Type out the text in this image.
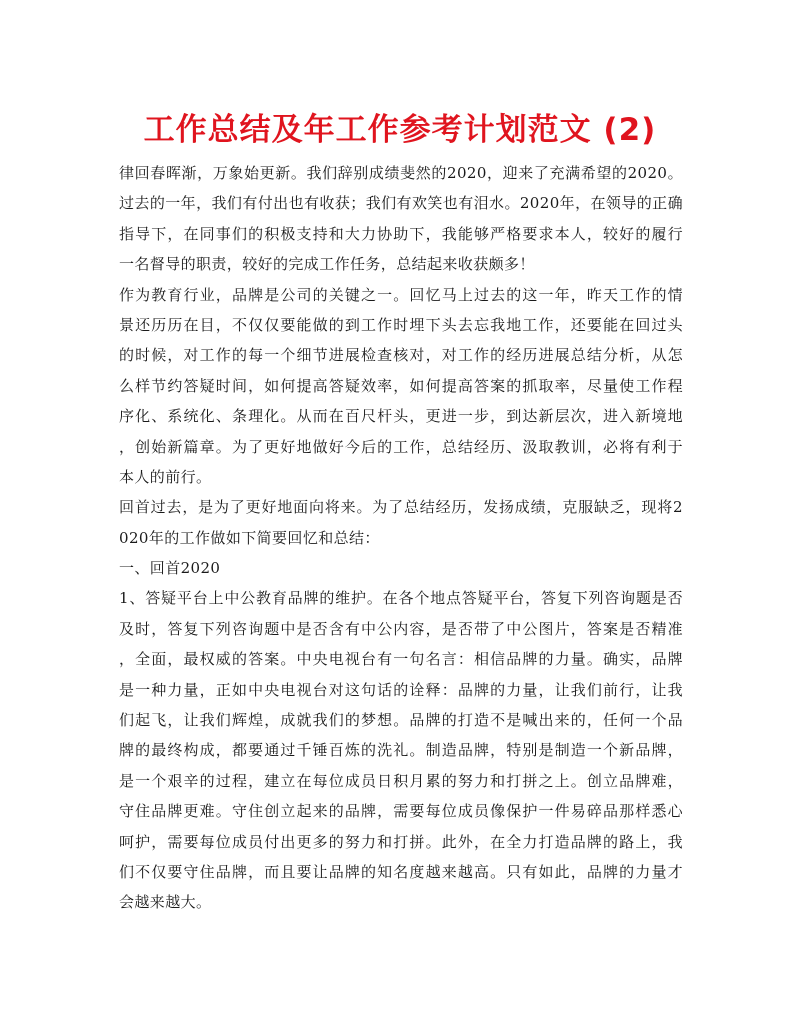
工作总结及年工作参考计划范文 (2)
律回春晖渐，万象始更新。我们辞别成绩斐然的2020，迎来了充满希望的2020。
过去的一年，我们有付出也有收获；我们有欢笑也有泪水。2020年，在领导的正确
指导下，在同事们的积极支持和大力协助下，我能够严格要求本人，较好的履行
一名督导的职责，较好的完成工作任务，总结起来收获颇多！
作为教育行业，品牌是公司的关键之一。回忆马上过去的这一年，昨天工作的情
景还历历在目，不仅仅要能做的到工作时埋下头去忘我地工作，还要能在回过头
的时候，对工作的每一个细节进展检查核对，对工作的经历进展总结分析，从怎
么样节约答疑时间，如何提高答疑效率，如何提高答案的抓取率，尽量使工作程
序化、系统化、条理化。从而在百尺杆头，更进一步，到达新层次，进入新境地
，创始新篇章。为了更好地做好今后的工作，总结经历、汲取教训，必将有利于
本人的前行。
回首过去，是为了更好地面向将来。为了总结经历，发扬成绩，克服缺乏，现将2
020年的工作做如下简要回忆和总结：
一、回首2020
1、答疑平台上中公教育品牌的维护。在各个地点答疑平台，答复下列咨询题是否
及时，答复下列咨询题中是否含有中公内容，是否带了中公图片，答案是否精准
，全面，最权威的答案。中央电视台有一句名言：相信品牌的力量。确实，品牌
是一种力量，正如中央电视台对这句话的诠释：品牌的力量，让我们前行，让我
们起飞，让我们辉煌，成就我们的梦想。品牌的打造不是喊出来的，任何一个品
牌的最终构成，都要通过千锤百炼的洗礼。制造品牌，特别是制造一个新品牌，
是一个艰辛的过程，建立在每位成员日积月累的努力和打拼之上。创立品牌难，
守住品牌更难。守住创立起来的品牌，需要每位成员像保护一件易碎品那样悉心
呵护，需要每位成员付出更多的努力和打拼。此外，在全力打造品牌的路上，我
们不仅要守住品牌，而且要让品牌的知名度越来越高。只有如此，品牌的力量才
会越来越大。
